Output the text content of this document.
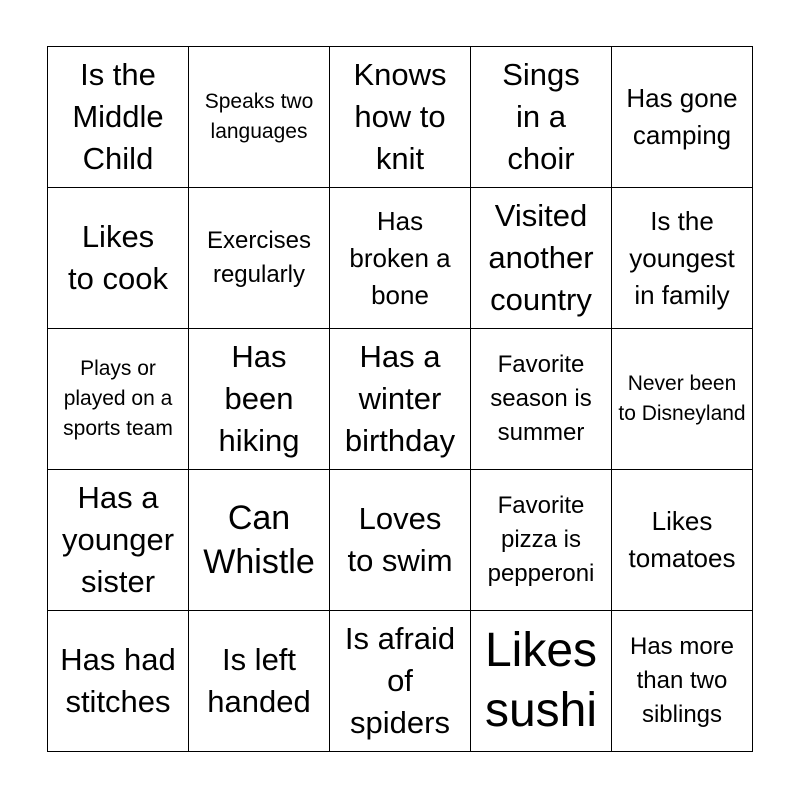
Is the Middle Child
Speaks two languages
Knows how to knit
Sings in a choir
Has gone camping
Likes to cook
Exercises regularly
Has broken a bone
Visited another country
Is the youngest in family
Plays or played on a sports team
Has been hiking
Has a winter birthday
Favorite season is summer
Never been to Disneyland
Has a younger sister
Can Whistle
Loves to swim
Favorite pizza is pepperoni
Likes tomatoes
Has had stitches
Is left handed
Is afraid of spiders
Likes sushi
Has more than two siblings
